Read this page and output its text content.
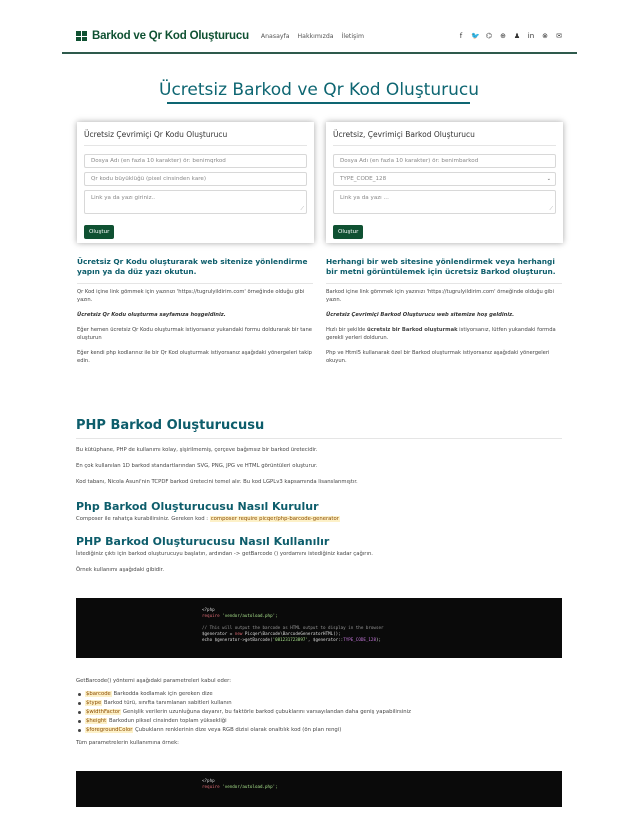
Barkod ve Qr Kod Oluşturucu Anasayfa Hakkımızda İletişim	f	🐦 ⌬ ⊕ ♟ in ⊗ ✉
Ücretsiz Barkod ve Qr Kod Oluşturucu
Ücretsiz Çevrimiçi Qr Kodu Oluşturucu
Dosya Adı (en fazla 10 karakter) ör: benimqrkod
Qr kodu büyüklüğü (pixel cinsinden kare)
Link ya da yazı giriniz..
⟋
Oluştur
Ücretsiz, Çevrimiçi Barkod Oluşturucu
Dosya Adı (en fazla 10 karakter) ör: benimbarkod
TYPE_CODE_128	⌄
Link ya da yazı ...
⟋
Oluştur
Ücretsiz Qr Kodu oluşturarak web sitenize yönlendirme yapın ya da düz yazı okutun.

Qr Kod içine link gömmek için yazınızı 'https://tugrulyildirim.com' örneğinde olduğu gibi yazın.

Ücretsiz Qr Kodu oluşturma sayfamıza hoşgeldiniz.

Eğer hemen ücretsiz Qr Kodu oluşturmak istiyorsanız yukarıdaki formu doldurarak bir tane oluşturun

Eğer kendi php kodlarınız ile bir Qr Kod oluşturmak istiyorsanız aşağıdaki yönergeleri takip edin.

Herhangi bir web sitesine yönlendirmek veya herhangi bir metni görüntülemek için ücretsiz Barkod oluşturun.

Barkod içine link gömmek için yazınızı 'https://tugrulyildirim.com' örneğinde olduğu gibi yazın.

Ücretsiz Çevrimiçi Barkod Oluşturucu web sitemize hoş geldiniz.

Hızlı bir şekilde ücretsiz bir Barkod oluşturmak istiyorsanız, lütfen yukarıdaki formda gerekli yerleri doldurun.

Php ve Html5 kullanarak özel bir Barkod oluşturmak istiyorsanız aşağıdaki yönergeleri okuyun.

PHP Barkod Oluşturucusu

Bu kütüphane, PHP de kullanımı kolay, şişirilmemiş, çerçeve bağımsız bir barkod üretecidir.

En çok kullanılan 1D barkod standartlarından SVG, PNG, JPG ve HTML görüntüleri oluşturur.

Kod tabanı, Nicola Asuni'nin TCPDF barkod üretecini temel alır. Bu kod LGPLv3 kapsamında lisanslanmıştır.

Php Barkod Oluşturucusu Nasıl Kurulur

Composer ile rahatça kurabilirsiniz. Gereken kod : composer require picqer/php-barcode-generator

PHP Barkod Oluşturucusu Nasıl Kullanılır

İstediğiniz çıktı için barkod oluşturucuyu başlatın, ardından -> getBarcode () yordamını istediğiniz kadar çağırın.

Örnek kullanımı aşağıdaki gibidir.

<?php
require 'vendor/autoload.php';

// This will output the barcode as HTML output to display in the browser
$generator = new Picqer\Barcode\BarcodeGeneratorHTML();
echo $generator->getBarcode('081231723897', $generator::TYPE_CODE_128);

GetBarcode() yöntemi aşağıdaki parametreleri kabul eder:

$barcode Barkodda kodlamak için gereken dize
$type Barkod türü, sınıfta tanımlanan sabitleri kullanın
$widthFactor Genişlik verilerin uzunluğuna dayanır, bu faktörle barkod çubuklarını varsayılandan daha geniş yapabilirsiniz
$height Barkodun piksel cinsinden toplam yüksekliği
$foregroundColor Çubukların renklerinin dize veya RGB dizisi olarak onaltılık kod (ön plan rengi)

Tüm parametrelerin kullanımına örnek:

<?php
require 'vendor/autoload.php';
